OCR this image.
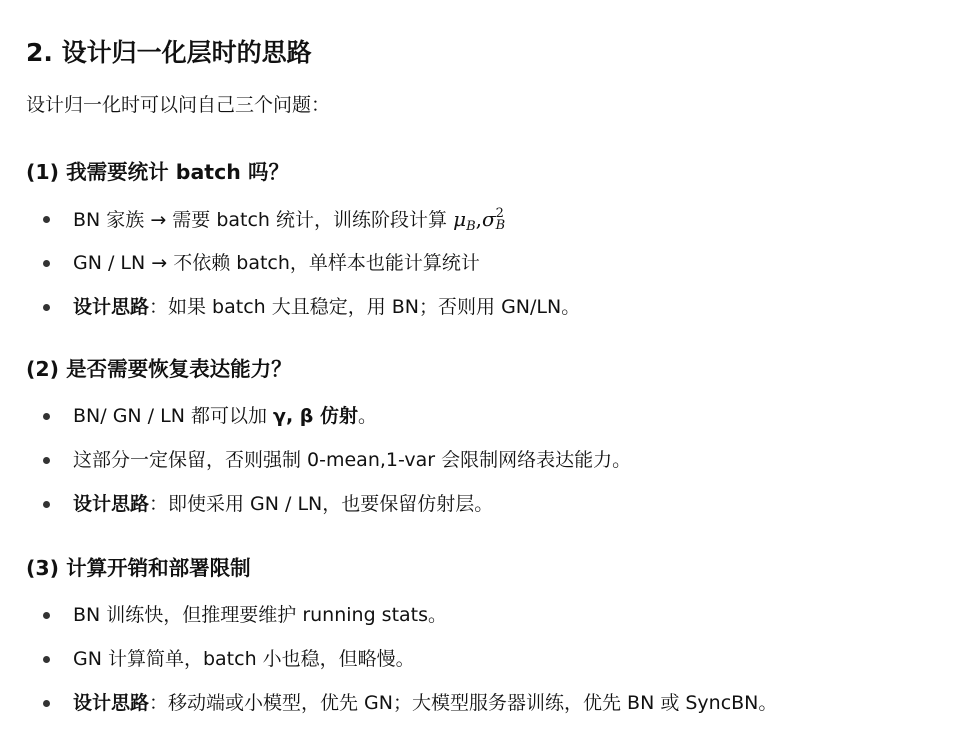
2. 设计归一化层时的思路

设计归一化时可以问自己三个问题：

(1) 我需要统计 batch 吗？
BN 家族 → 需要 batch 统计，训练阶段计算 $\mu_B,\sigma$ 2
B
GN / LN → 不依赖 batch，单样本也能计算统计
设计思路：如果 batch 大且稳定，用 BN；否则用 GN/LN。
(2) 是否需要恢复表达能力？
BN/ GN / LN 都可以加 γ, β 仿射。
这部分一定保留，否则强制 0-mean,1-var 会限制网络表达能力。
设计思路：即使采用 GN / LN，也要保留仿射层。
(3) 计算开销和部署限制
BN 训练快，但推理要维护 running stats。
GN 计算简单，batch 小也稳，但略慢。
设计思路：移动端或小模型，优先 GN；大模型服务器训练，优先 BN 或 SyncBN。
